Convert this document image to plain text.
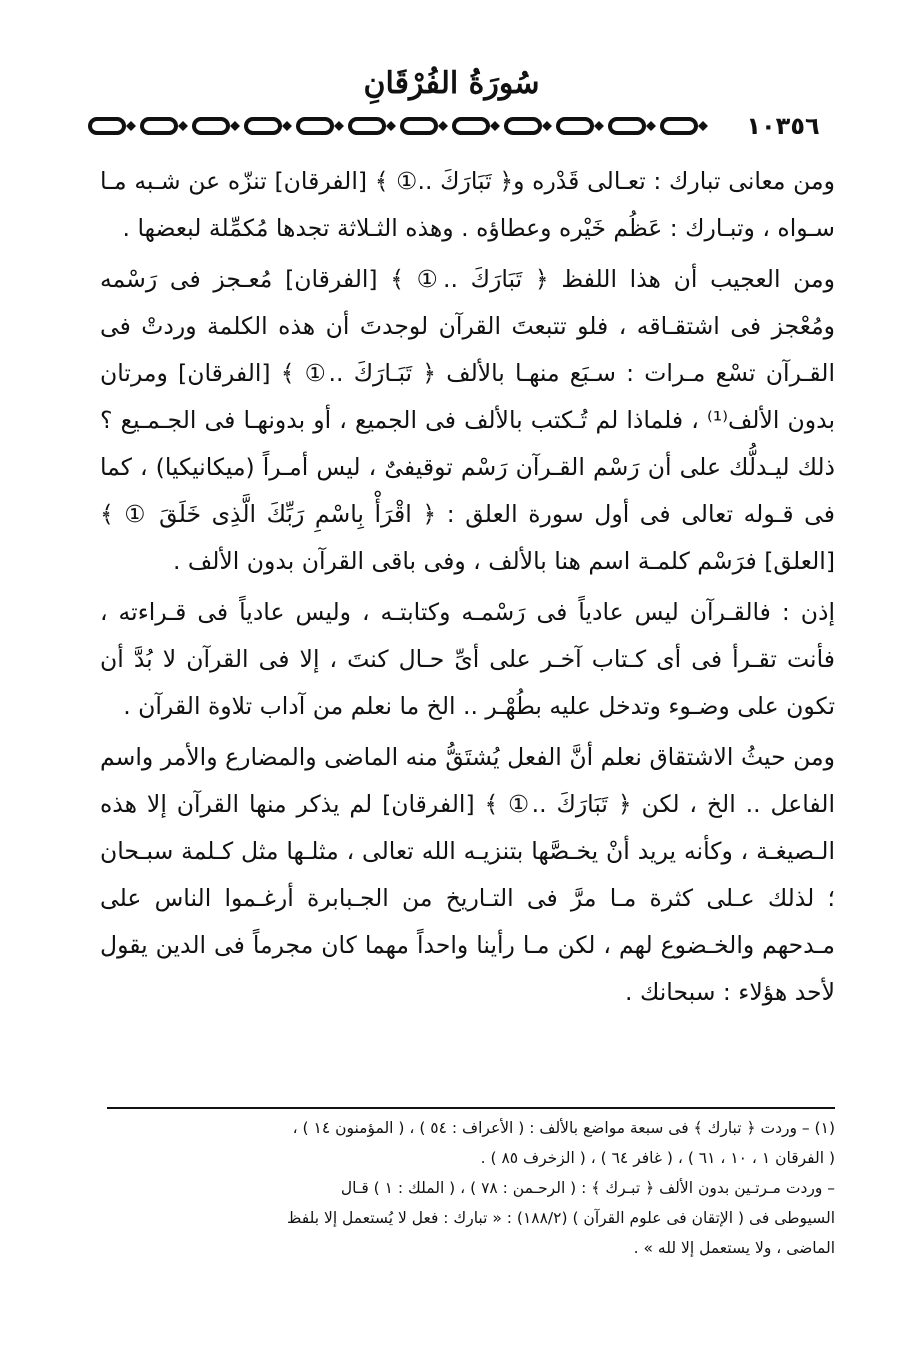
سُورَةُ الفُرْقَانِ
١٠٣٥٦

ومن معانى تبارك : تعـالى قَدْره و﴿ تَبَارَكَ ..① ﴾ [الفرقان] تنزّه عن شـبه مـا سـواه ، وتبـارك : عَظُم خَيْره وعطاؤه . وهذه الثـلاثة تجدها مُكمِّلة لبعضها .

ومن العجيب أن هذا اللفظ ﴿ تَبَارَكَ ..① ﴾ [الفرقان] مُعـجز فى رَسْمه ومُعْجز فى اشتقـاقه ، فلو تتبعتَ القرآن لوجدتَ أن هذه الكلمة وردتْ فى القـرآن تسْع مـرات : سـبَع منهـا بالألف ﴿ تَبَـارَكَ ..① ﴾ [الفرقان] ومرتان بدون الألف⁽¹⁾ ، فلماذا لم تُـكتب بالألف فى الجميع ، أو بدونهـا فى الجـمـيع ؟ ذلك ليـدلُّك على أن رَسْم القـرآن رَسْم توقيفىٌ ، ليس أمـراً (ميكانيكيا) ، كما فى قـوله تعالى فى أول سورة العلق : ﴿ اقْرَأْ بِاسْمِ رَبِّكَ الَّذِى خَلَقَ ① ﴾ [العلق] فرَسْم كلمـة اسم هنا بالألف ، وفى باقى القرآن بدون الألف .

إذن : فالقـرآن ليس عادياً فى رَسْمـه وكتابتـه ، وليس عادياً فى قـراءته ، فأنت تقـرأ فى أى كـتاب آخـر على أىِّ حـال كنتَ ، إلا فى القرآن لا بُدَّ أن تكون على وضـوء وتدخل عليه بطُهْـر .. الخ ما نعلم من آداب تلاوة القرآن .

ومن حيثُ الاشتقاق نعلم أنَّ الفعل يُشتَقُّ منه الماضى والمضارع والأمر واسم الفاعل .. الخ ، لكن ﴿ تَبَارَكَ ..① ﴾ [الفرقان] لم يذكر منها القرآن إلا هذه الـصيغـة ، وكأنه يريد أنْ يخـصَّها بتنزيـه الله تعالى ، مثلـها مثل كـلمة سبـحان ؛ لذلك عـلى كثرة مـا مرَّ فى التـاريخ من الجـبابرة أرغـموا الناس على مـدحهم والخـضوع لهم ، لكن مـا رأينا واحداً مهما كان مجرماً فى الدين يقول لأحد هؤلاء : سبحانك .

(١) – وردت ﴿ تبارك ﴾ فى سبعة مواضع بالألف : ( الأعراف : ٥٤ ) ، ( المؤمنون ١٤ ) ،

( الفرقان ١ ، ١٠ ، ٦١ ) ، ( غافر ٦٤ ) ، ( الزخرف ٨٥ ) .

– وردت مـرتـين بدون الألف ﴿ تبـرك ﴾ : ( الرحـمن : ٧٨ ) ، ( الملك : ١ ) قـال

السيوطى فى ( الإتقان فى علوم القرآن ) (١٨٨/٢) : « تبارك : فعل لا يُستعمل إلا بلفظ

الماضى ، ولا يستعمل إلا لله » .
